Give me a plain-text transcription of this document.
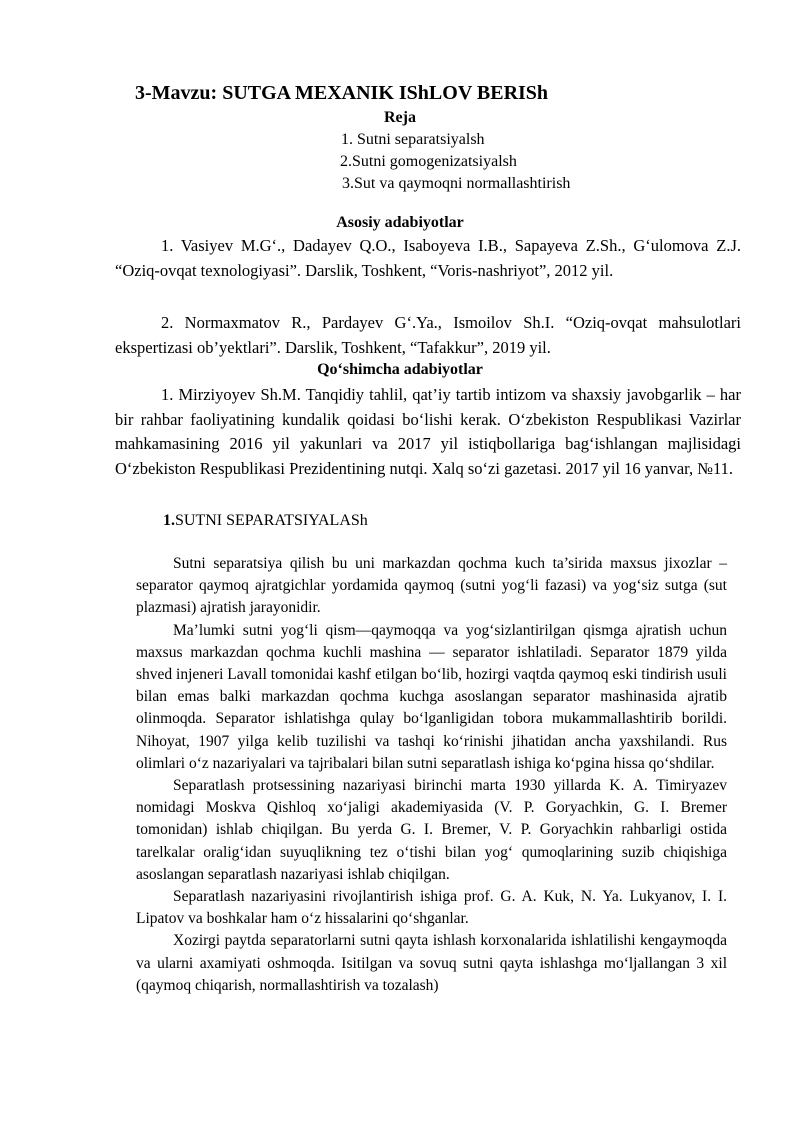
3-Mavzu: SUTGA MEXANIK IShLOV BERISh
Reja
1. Sutni separatsiyalsh
2.Sutni gomogenizatsiyalsh
3.Sut va qaymoqni normallashtirish
Asosiy adabiyotlar
1. Vasiyev M.G‘., Dadayev Q.O., Isaboyeva I.B., Sapayeva Z.Sh., G‘ulomova Z.J. “Oziq-ovqat texnologiyasi”. Darslik, Toshkent, “Voris-nashriyot”, 2012 yil.
2. Normaxmatov R., Pardayev G‘.Ya., Ismoilov Sh.I. “Oziq-ovqat mahsulotlari ekspertizasi ob’yektlari”. Darslik, Toshkent, “Tafakkur”, 2019 yil.
Qo‘shimcha adabiyotlar
1. Mirziyoyev Sh.M. Tanqidiy tahlil, qat’iy tartib intizom va shaxsiy javobgarlik – har bir rahbar faoliyatining kundalik qoidasi bo‘lishi kerak. O‘zbekiston Respublikasi Vazirlar mahkamasining 2016 yil yakunlari va 2017 yil istiqbollariga bag‘ishlangan majlisidagi O‘zbekiston Respublikasi Prezidentining nutqi. Xalq so‘zi gazetasi. 2017 yil 16 yanvar, №11.
1.SUTNI SEPARATSIYALASh

Sutni separatsiya qilish bu uni markazdan qochma kuch ta’sirida maxsus jixozlar – separator qaymoq ajratgichlar yordamida qaymoq (sutni yog‘li fazasi) va yog‘siz sutga (sut plazmasi) ajratish jarayonidir.

Ma’lumki sutni yog‘li qism—qaymoqqa va yog‘sizlantirilgan qismga ajratish uchun maxsus markazdan qochma kuchli mashina — separator ishlatiladi. Separator 1879 yilda shved injeneri Lavall tomonidai kashf etilgan bo‘lib, hozirgi vaqtda qaymoq eski tindirish usuli bilan emas balki markazdan qochma kuchga asoslangan separator mashinasida ajratib olinmoqda. Separator ishlatishga qulay bo‘lganligidan tobora mukammallashtirib borildi. Nihoyat, 1907 yilga kelib tuzilishi va tashqi ko‘rinishi jihatidan ancha yaxshilandi. Rus olimlari o‘z nazariyalari va tajribalari bilan sutni separatlash ishiga ko‘pgina hissa qo‘shdilar.

Separatlash protsessining nazariyasi birinchi marta 1930 yillarda K. А. Timiryazev nomidagi Moskva Qishloq xo‘jaligi akademiyasida (V. P. Goryachkin, G. I. Bremer tomonidan) ishlab chiqilgan. Bu yerda G. I. Bremer, V. P. Goryachkin rahbarligi ostida tarelkalar oralig‘idan suyuqlikning tez o‘tishi bilan yog‘ qumoqlarining suzib chiqishiga asoslangan separatlash nazariyasi ishlab chiqilgan.

Separatlash nazariyasini rivojlantirish ishiga prof. G. A. Kuk, N. Ya. Lukyanov, I. I. Lipatov va boshkalar ham o‘z hissalarini qo‘shganlar.

Xozirgi paytda separatorlarni sutni qayta ishlash korxonalarida ishlatilishi kengaymoqda va ularni axamiyati oshmoqda. Isitilgan va sovuq sutni qayta ishlashga mo‘ljallangan 3 xil (qaymoq chiqarish, normallashtirish va tozalash)
